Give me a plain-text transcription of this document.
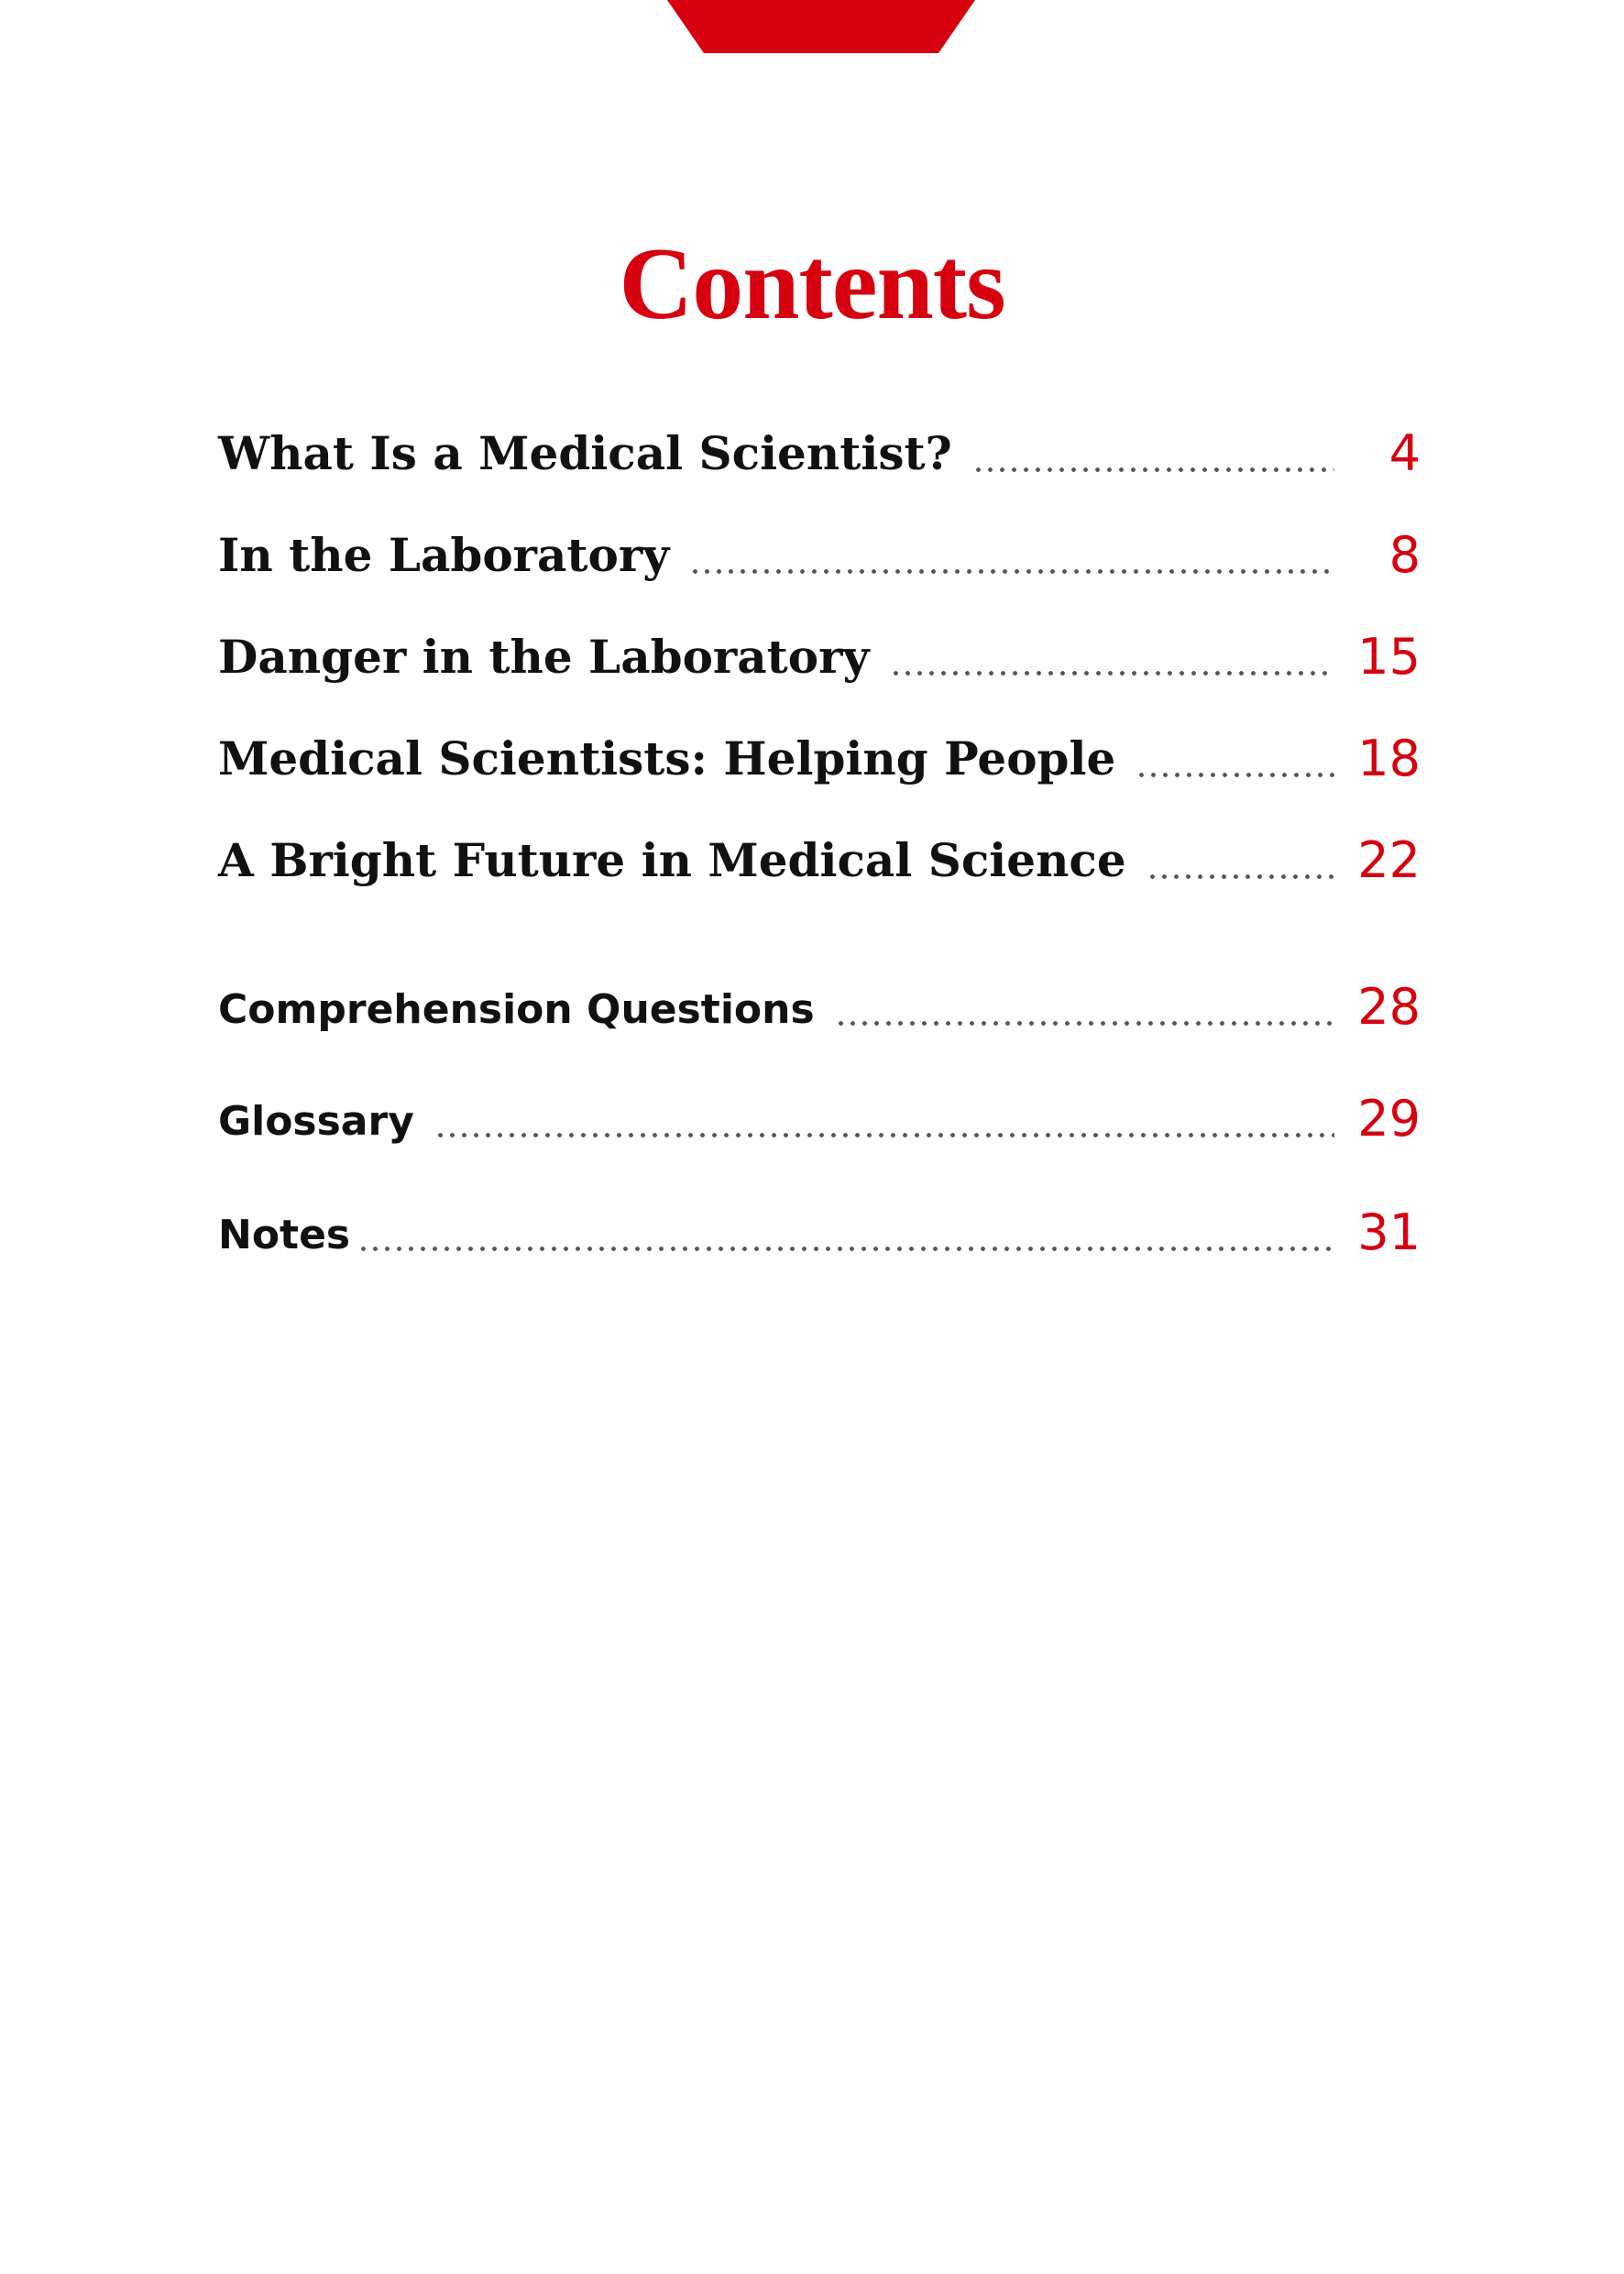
Contents
What Is a Medical Scientist?	4
In the Laboratory	8
Danger in the Laboratory	15
Medical Scientists: Helping People	18
A Bright Future in Medical Science	22
Comprehension Questions	28
Glossary	29
Notes	31
